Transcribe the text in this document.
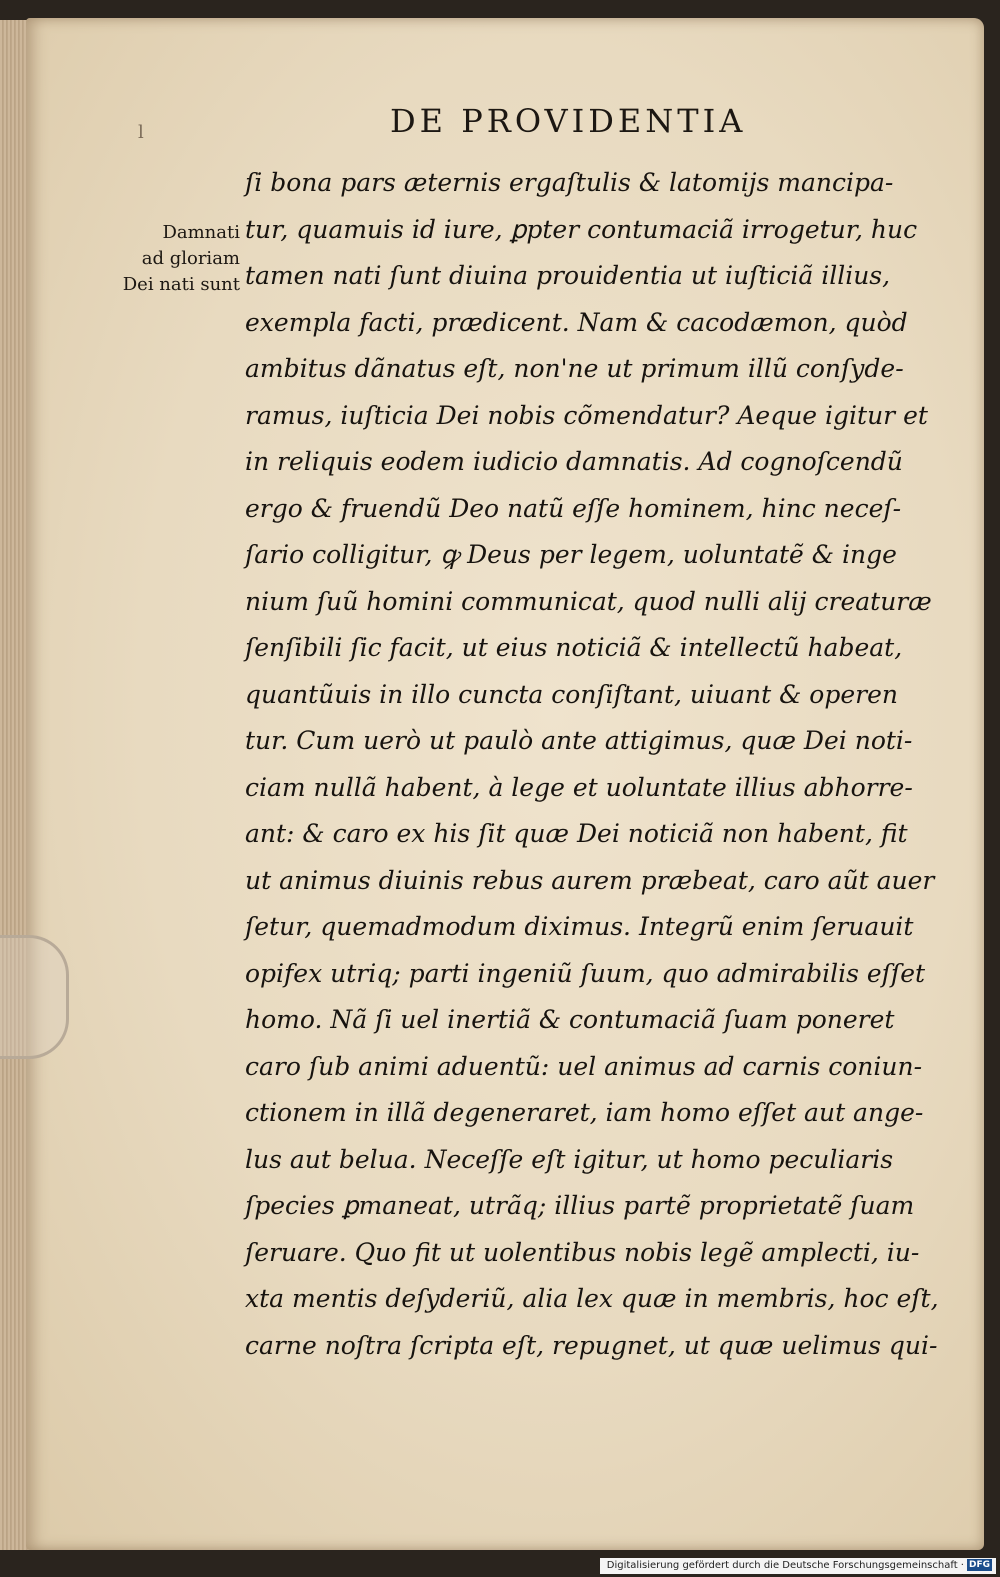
l	DE PROVIDENTIA
Damnati
ad gloriam
Dei nati sunt
ſi bona pars æternis ergaſtulis & latomijs mancipa-
tur, quamuis id iure, ꝑpter contumaciã irrogetur, huc
tamen nati ſunt diuina prouidentia ut iuſticiã illius,
exempla facti, prædicent. Nam & cacodæmon, quòd
ambitus dãnatus eſt, non'ne ut primum illũ conſyde-
ramus, iuſticia Dei nobis cõmendatur? Aeque igitur et
in reliquis eodem iudicio damnatis. Ad cognoſcendũ
ergo & fruendũ Deo natũ eſſe hominem, hinc neceſ-
ſario colligitur, ꝙ Deus per legem, uoluntatẽ & inge
nium ſuũ homini communicat, quod nulli alij creaturæ
ſenſibili ſic facit, ut eius noticiã & intellectũ habeat,
quantũuis in illo cuncta conſiſtant, uiuant & operen
tur. Cum uerò ut paulò ante attigimus, quæ Dei noti-
ciam nullã habent, à lege et uoluntate illius abhorre-
ant: & caro ex his ſit quæ Dei noticiã non habent, fit
ut animus diuinis rebus aurem præbeat, caro aũt auer
ſetur, quemadmodum diximus. Integrũ enim ſeruauit
opifex utriq; parti ingeniũ ſuum, quo admirabilis eſſet
homo. Nã ſi uel inertiã & contumaciã ſuam poneret
caro ſub animi aduentũ: uel animus ad carnis coniun-
ctionem in illã degeneraret, iam homo eſſet aut ange-
lus aut belua. Neceſſe eſt igitur, ut homo peculiaris
ſpecies ꝑmaneat, utrãq; illius partẽ proprietatẽ ſuam
ſeruare. Quo fit ut uolentibus nobis legẽ amplecti, iu-
xta mentis deſyderiũ, alia lex quæ in membris, hoc eſt,
carne noſtra ſcripta eſt, repugnet, ut quæ uelimus qui-
Digitalisierung gefördert durch die Deutsche Forschungsgemeinschaft · DFG
